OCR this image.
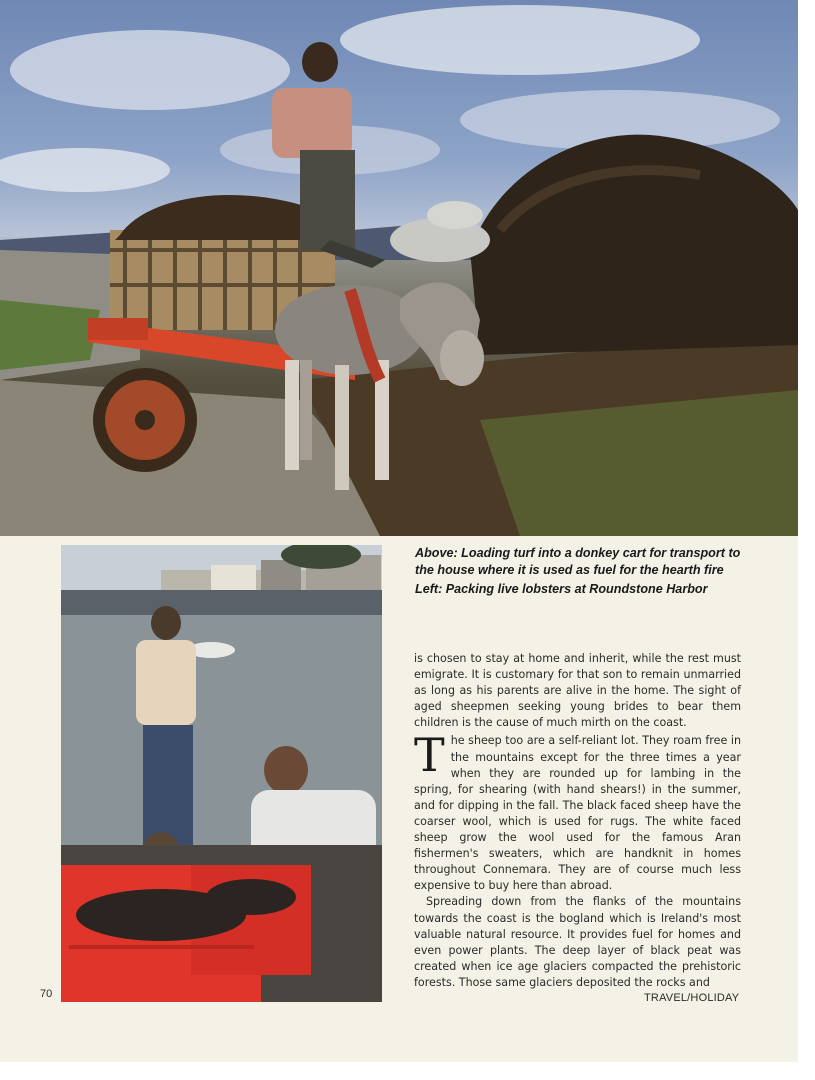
Above: Loading turf into a donkey cart for transport to the house where it is used as fuel for the hearth fire

Left: Packing live lobsters at Roundstone Harbor

is chosen to stay at home and inherit, while the rest must emigrate. It is customary for that son to remain unmarried as long as his parents are alive in the home. The sight of aged sheepmen seeking young brides to bear them children is the cause of much mirth on the coast.

The sheep too are a self-reliant lot. They roam free in the mountains except for the three times a year when they are rounded up for lambing in the spring, for shearing (with hand shears!) in the summer, and for dipping in the fall. The black faced sheep have the coarser wool, which is used for rugs. The white faced sheep grow the wool used for the famous Aran fishermen's sweaters, which are handknit in homes throughout Connemara. They are of course much less expensive to buy here than abroad.

Spreading down from the flanks of the mountains towards the coast is the bogland which is Ireland's most valuable natural resource. It provides fuel for homes and even power plants. The deep layer of black peat was created when ice age glaciers compacted the prehistoric forests. Those same glaciers deposited the rocks and

70	TRAVEL/HOLIDAY
